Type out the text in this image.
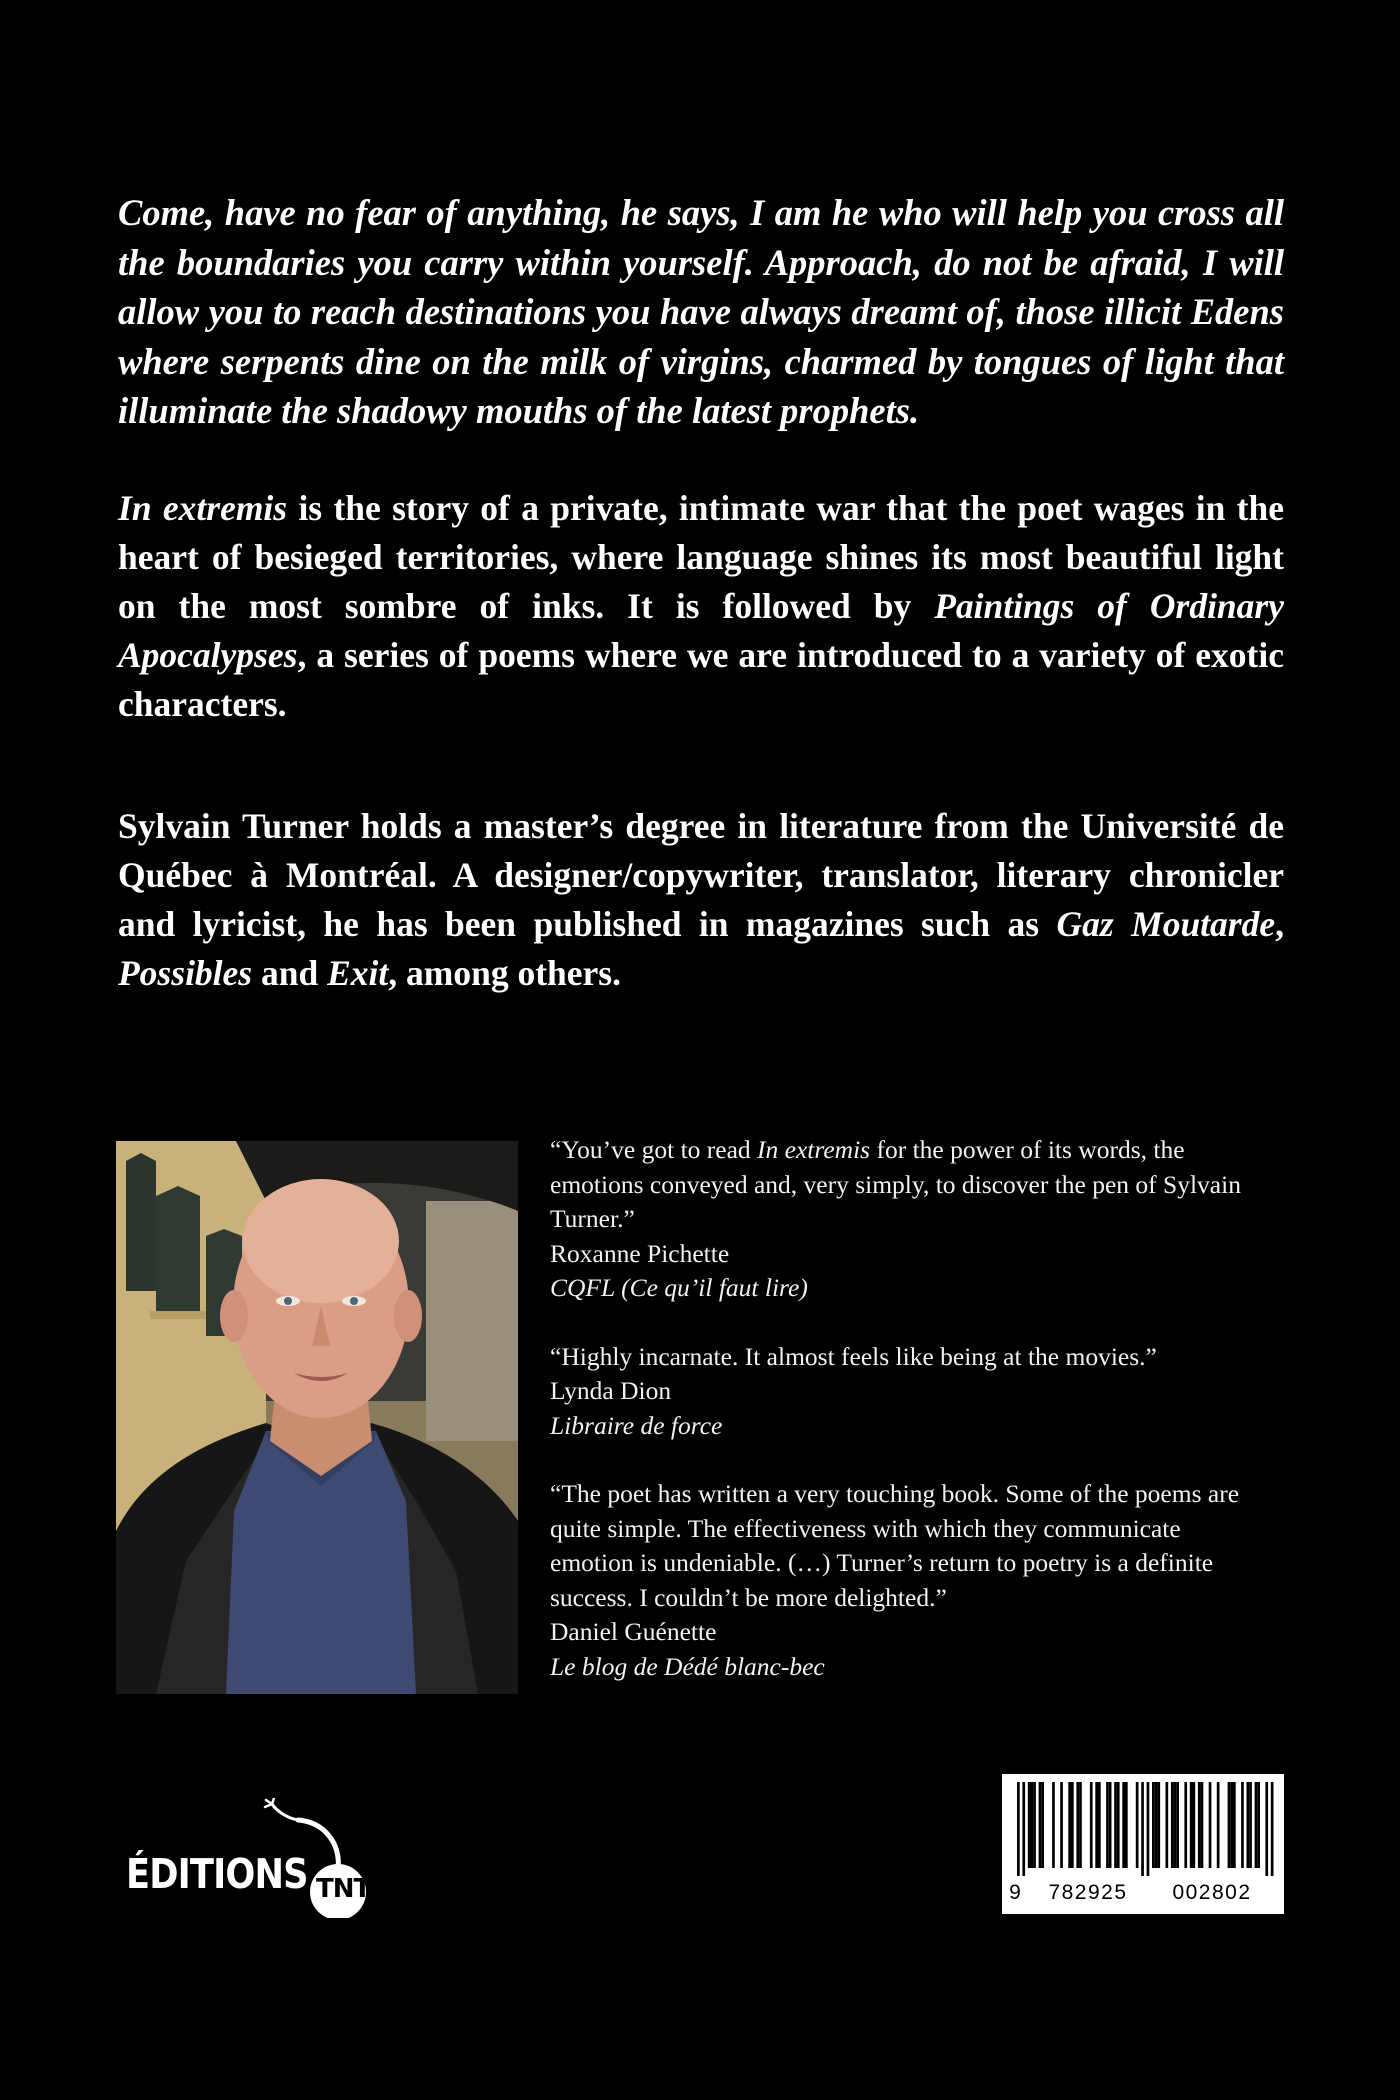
Come, have no fear of anything, he says, I am he who will help you cross all the boundaries you carry within yourself. Approach, do not be afraid, I will allow you to reach destinations you have always dreamt of, those illicit Edens where serpents dine on the milk of virgins, charmed by tongues of light that illuminate the shadowy mouths of the latest prophets.

In extremis is the story of a private, intimate war that the poet wages in the heart of besieged territories, where language shines its most beautiful light on the most sombre of inks. It is followed by Paintings of Ordinary Apocalypses, a series of poems where we are introduced to a variety of exotic characters.

Sylvain Turner holds a master’s degree in literature from the Université de Québec à Montréal. A designer/copywriter, translator, literary chronicler and lyricist, he has been published in magazines such as Gaz Moutarde, Possibles and Exit, among others.

“You’ve got to read In extremis for the power of its words, the emotions conveyed and, very simply, to discover the pen of Sylvain Turner.”

Roxanne Pichette

CQFL (Ce qu’il faut lire)

“Highly incarnate. It almost feels like being at the movies.”

Lynda Dion

Libraire de force

“The poet has written a very touching book. Some of the poems are quite simple. The effectiveness with which they communicate emotion is undeniable. (…) Turner’s return to poetry is a definite success. I couldn’t be more delighted.”

Daniel Guénette

Le blog de Dédé blanc-bec

ÉDITIONS TNT	9	782925	002802
